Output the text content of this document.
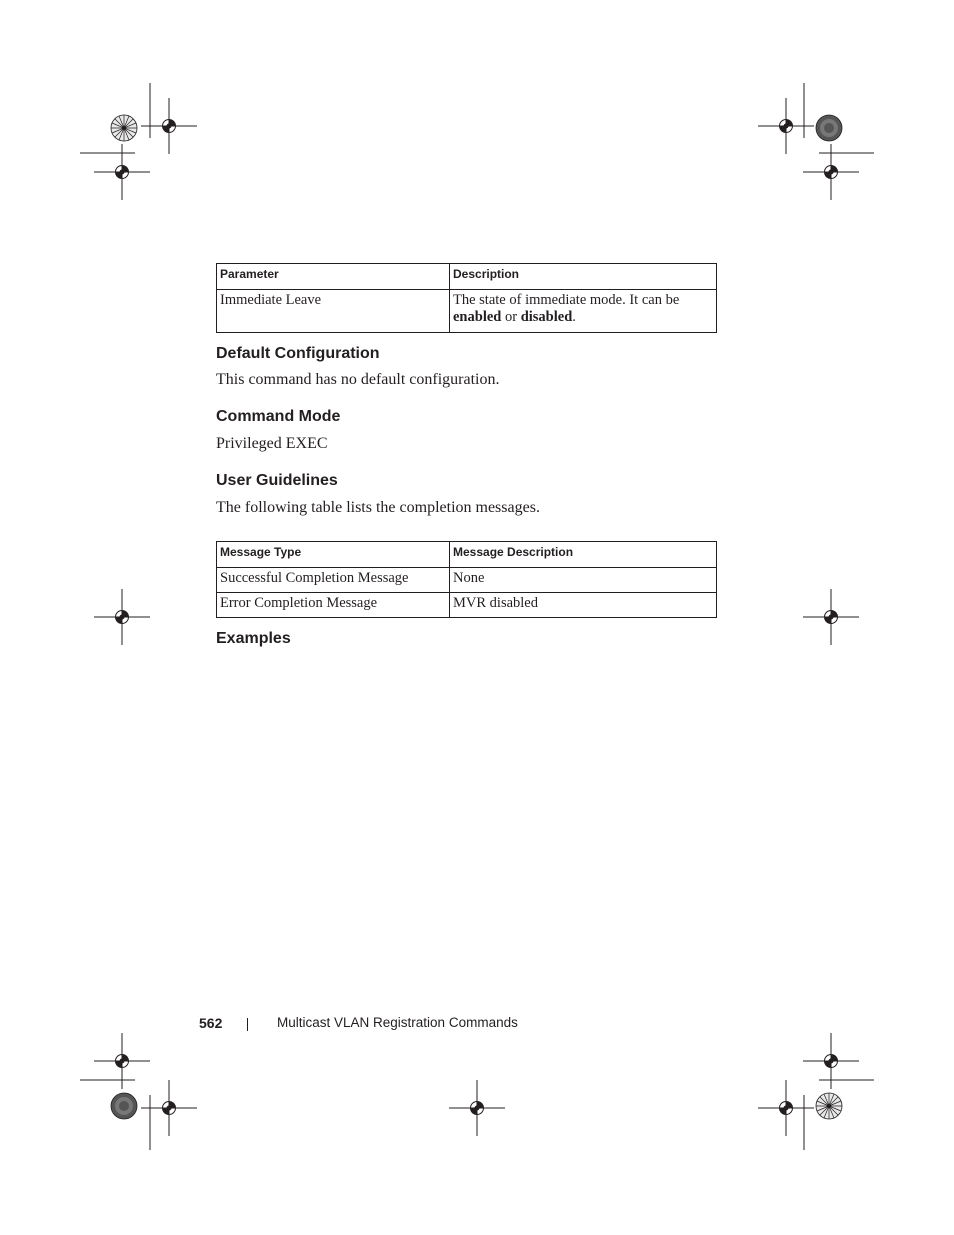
Parameter	Description
Immediate Leave	The state of immediate mode. It can be enabled or disabled.
Default Configuration

This command has no default configuration.

Command Mode

Privileged EXEC

User Guidelines

The following table lists the completion messages.

Message Type	Message Description
Successful Completion Message	None
Error Completion Message	MVR disabled
Examples
562	Multicast VLAN Registration Commands
